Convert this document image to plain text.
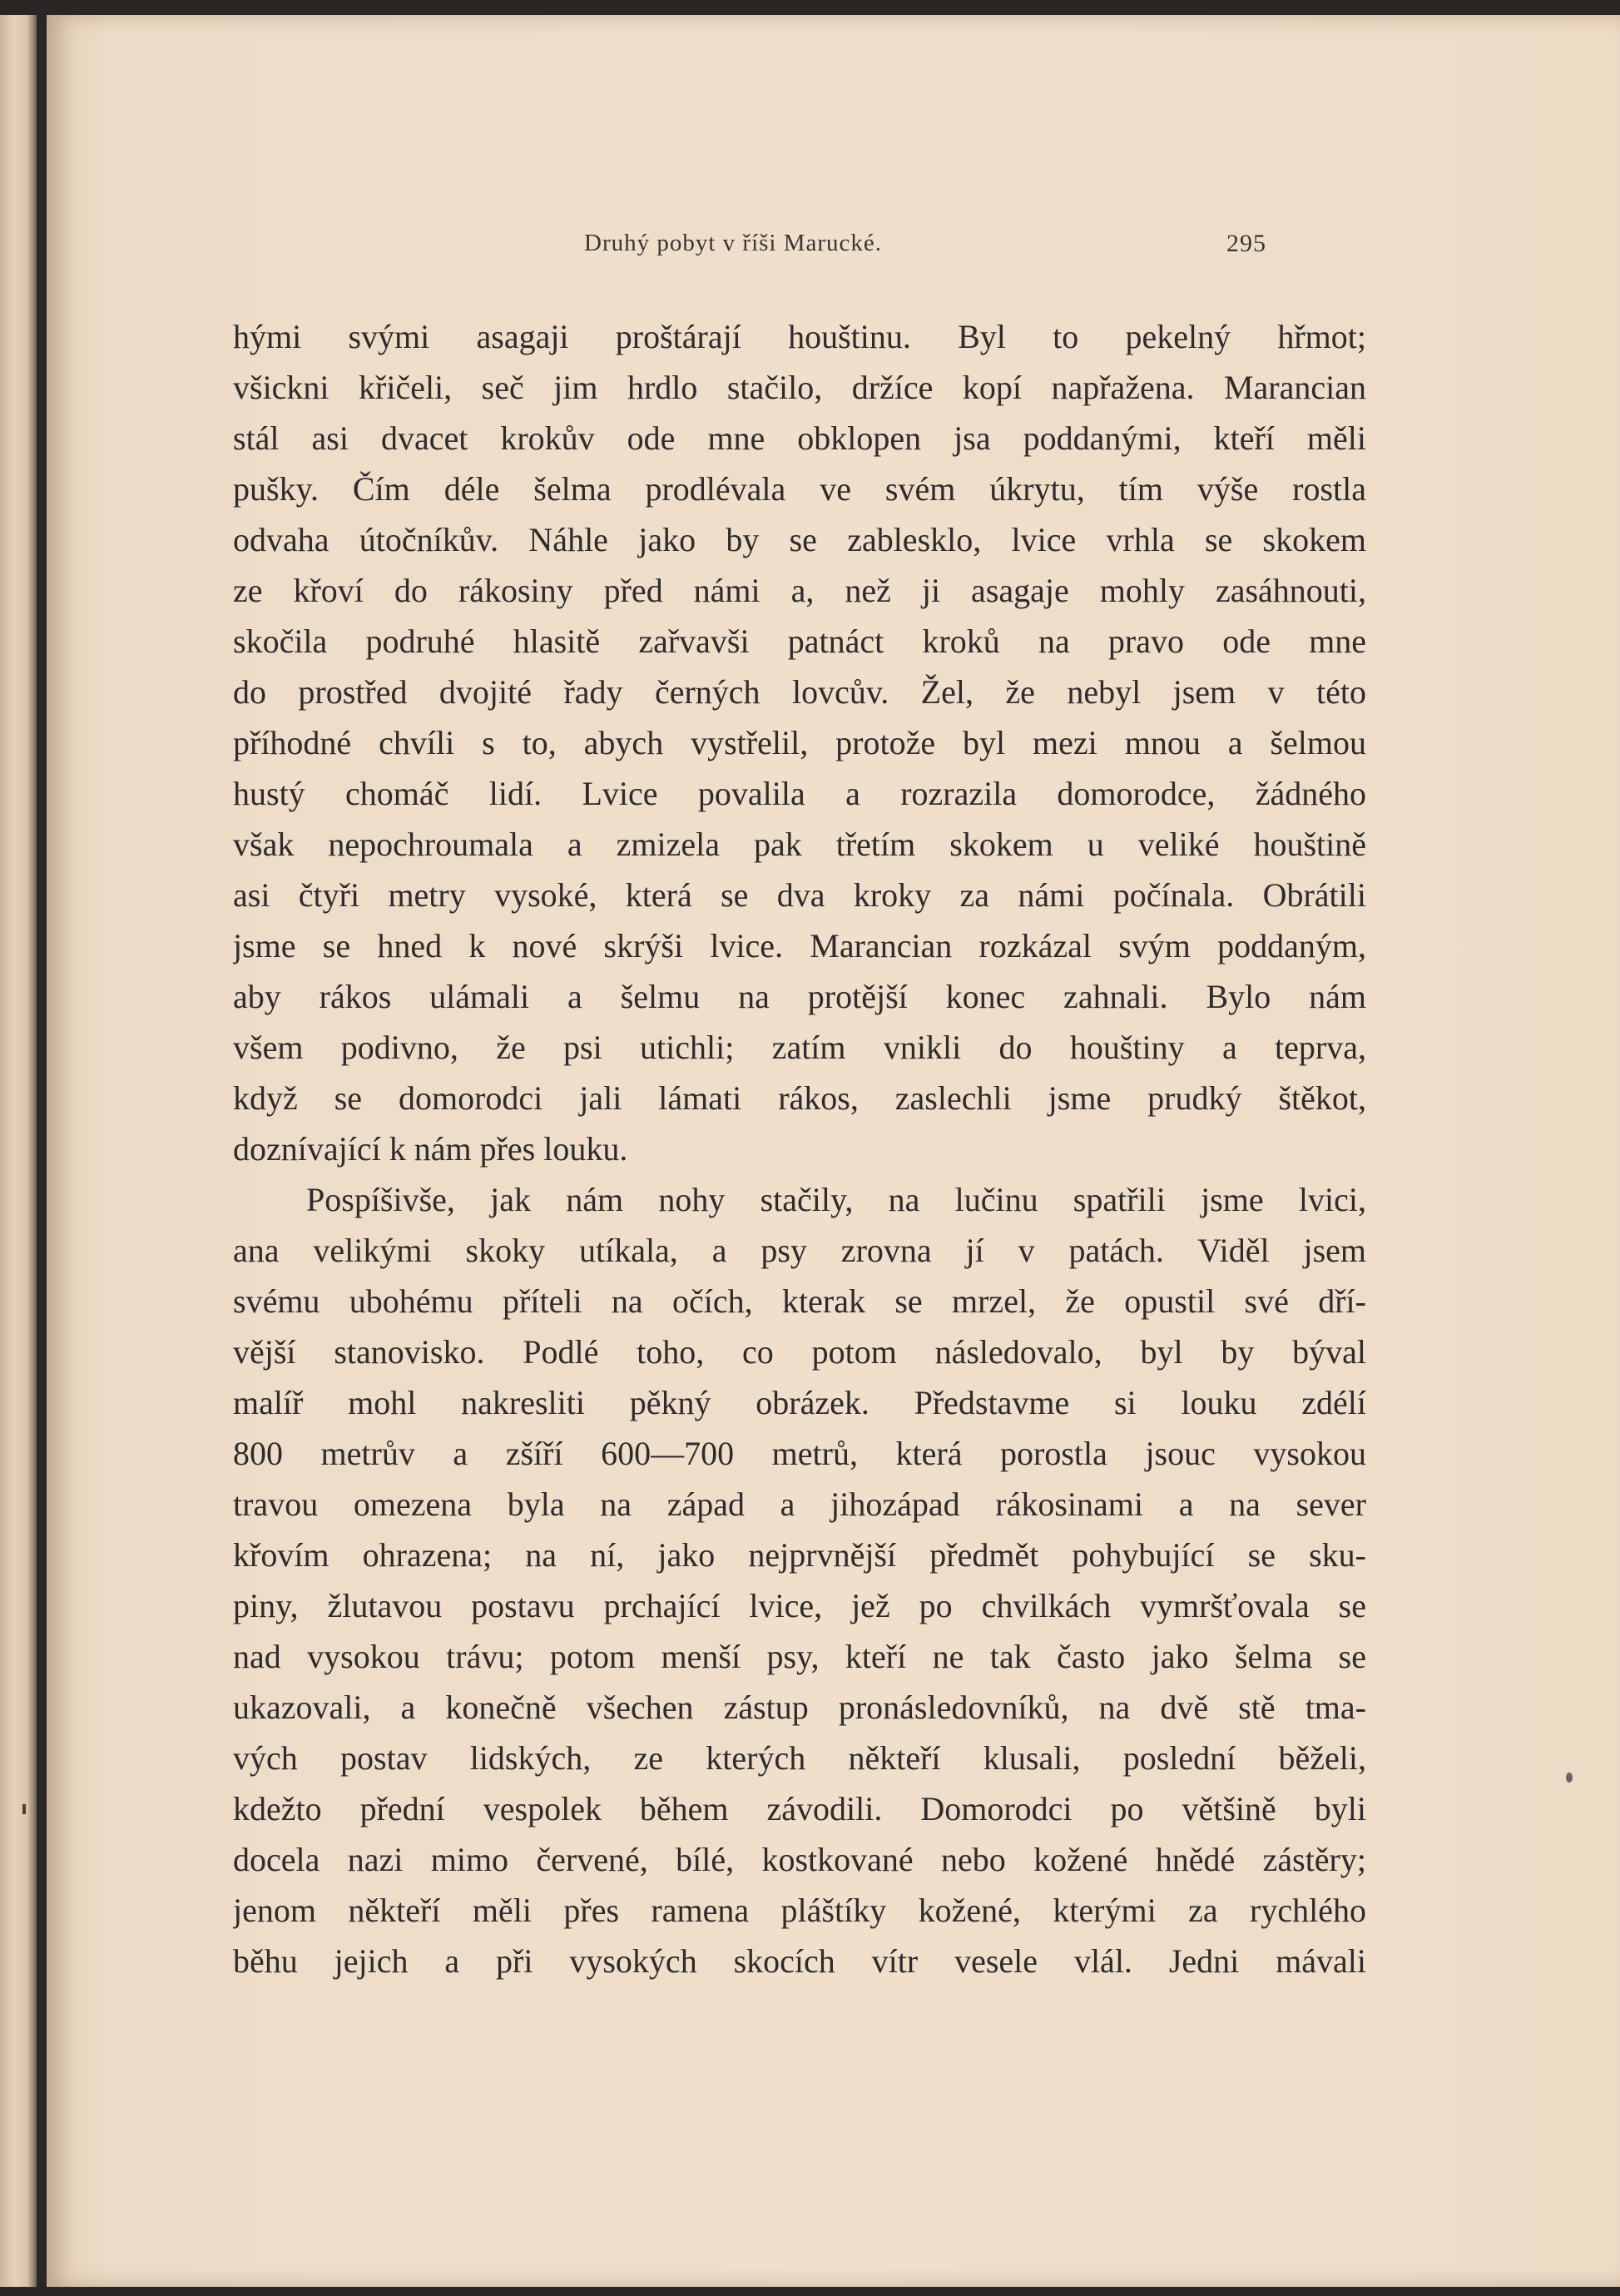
Druhý pobyt v říši Marucké.	295
hými svými asagaji proštárají houštinu. Byl to pekelný hřmot;
všickni křičeli, seč jim hrdlo stačilo, držíce kopí napřažena. Marancian
stál asi dvacet krokův ode mne obklopen jsa poddanými, kteří měli
pušky. Čím déle šelma prodlévala ve svém úkrytu, tím výše rostla
odvaha útočníkův. Náhle jako by se zablesklo, lvice vrhla se skokem
ze křoví do rákosiny před námi a, než ji asagaje mohly zasáhnouti,
skočila podruhé hlasitě zařvavši patnáct kroků na pravo ode mne
do prostřed dvojité řady černých lovcův. Žel, že nebyl jsem v této
příhodné chvíli s to, abych vystřelil, protože byl mezi mnou a šelmou
hustý chomáč lidí. Lvice povalila a rozrazila domorodce, žádného
však nepochroumala a zmizela pak třetím skokem u veliké houštině
asi čtyři metry vysoké, která se dva kroky za námi počínala. Obrátili
jsme se hned k nové skrýši lvice. Marancian rozkázal svým poddaným,
aby rákos ulámali a šelmu na protější konec zahnali. Bylo nám
všem podivno, že psi utichli; zatím vnikli do houštiny a teprva,
když se domorodci jali lámati rákos, zaslechli jsme prudký štěkot,
doznívající k nám přes louku.
Pospíšivše, jak nám nohy stačily, na lučinu spatřili jsme lvici,
ana velikými skoky utíkala, a psy zrovna jí v patách. Viděl jsem
svému ubohému příteli na očích, kterak se mrzel, že opustil své dří-
vější stanovisko. Podlé toho, co potom následovalo, byl by býval
malíř mohl nakresliti pěkný obrázek. Představme si louku zdélí
800 metrův a zšíří 600—700 metrů, která porostla jsouc vysokou
travou omezena byla na západ a jihozápad rákosinami a na sever
křovím ohrazena; na ní, jako nejprvnější předmět pohybující se sku-
piny, žlutavou postavu prchající lvice, jež po chvilkách vymršťovala se
nad vysokou trávu; potom menší psy, kteří ne tak často jako šelma se
ukazovali, a konečně všechen zástup pronásledovníků, na dvě stě tma-
vých postav lidských, ze kterých někteří klusali, poslední běželi,
kdežto přední vespolek během závodili. Domorodci po většině byli
docela nazi mimo červené, bílé, kostkované nebo kožené hnědé zástěry;
jenom někteří měli přes ramena pláštíky kožené, kterými za rychlého
běhu jejich a při vysokých skocích vítr vesele vlál. Jedni mávali
